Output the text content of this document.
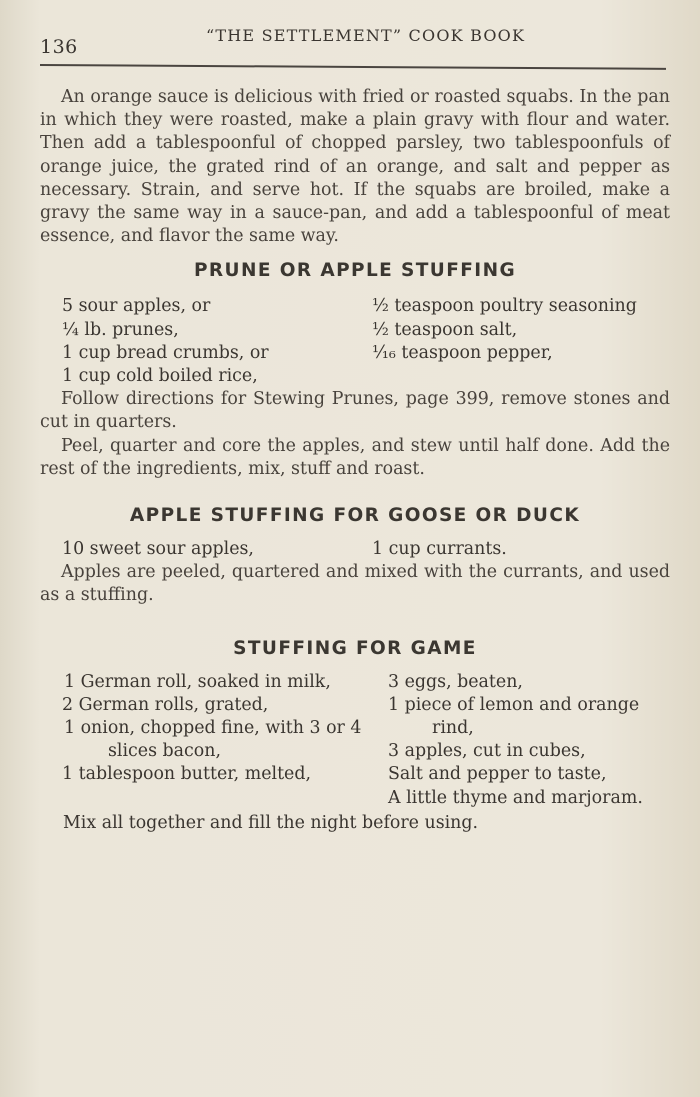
136
“THE SETTLEMENT” COOK BOOK

An orange sauce is delicious with fried or roasted squabs. In the pan in which they were roasted, make a plain gravy with flour and water. Then add a tablespoonful of chopped parsley, two tablespoonfuls of orange juice, the grated rind of an orange, and salt and pepper as necessary. Strain, and serve hot. If the squabs are broiled, make a gravy the same way in a sauce-pan, and add a tablespoonful of meat essence, and flavor the same way.

PRUNE OR APPLE STUFFING
5 sour apples, or
¼ lb. prunes,
1 cup bread crumbs, or
1 cup cold boiled rice,
½ teaspoon poultry seasoning
½ teaspoon salt,
⅟₁₆ teaspoon pepper,

Follow directions for Stewing Prunes, page 399, remove stones and cut in quarters.

Peel, quarter and core the apples, and stew until half done. Add the rest of the ingredients, mix, stuff and roast.

APPLE STUFFING FOR GOOSE OR DUCK
10 sweet sour apples,	1 cup currants.

Apples are peeled, quartered and mixed with the currants, and used as a stuffing.

STUFFING FOR GAME
1 German roll, soaked in milk,
2 German rolls, grated,
1 onion, chopped fine, with 3 or 4 slices bacon,
1 tablespoon butter, melted,
3 eggs, beaten,
1 piece of lemon and orange rind,
3 apples, cut in cubes,
Salt and pepper to taste,
A little thyme and marjoram.
Mix all together and fill the night before using.
